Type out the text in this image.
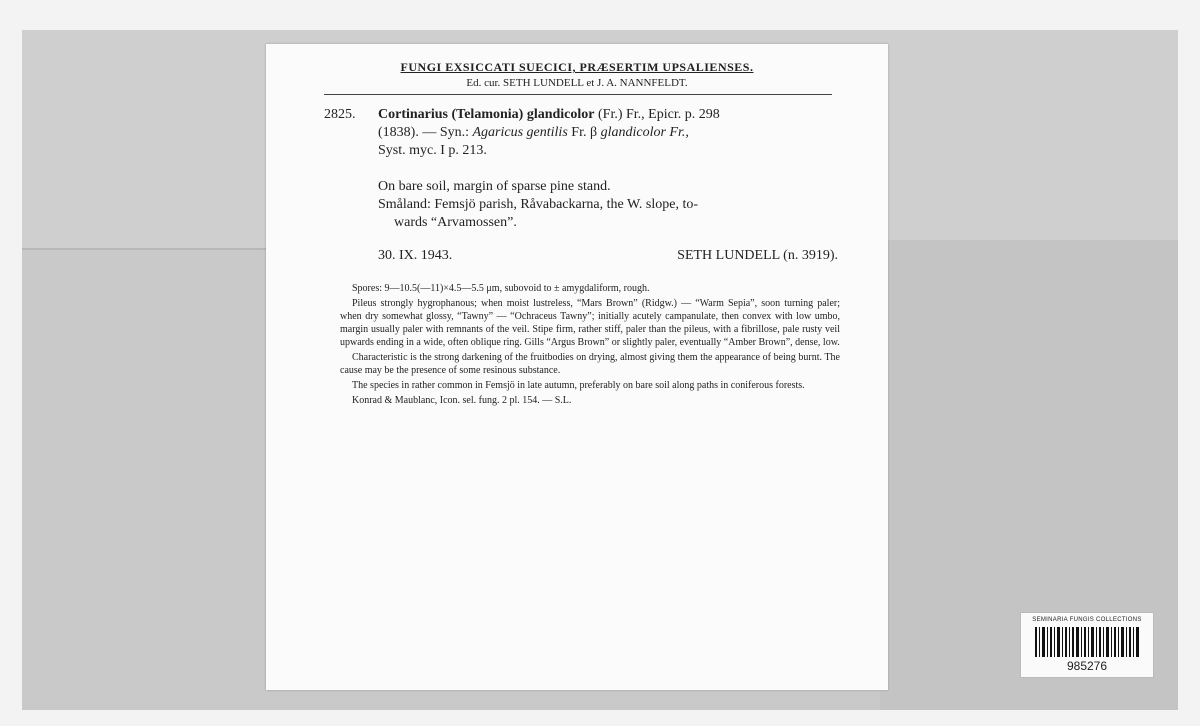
FUNGI EXSICCATI SUECICI, PRÆSERTIM UPSALIENSES.
Ed. cur. SETH LUNDELL et J. A. NANNFELDT.
2825. Cortinarius (Telamonia) glandicolor (Fr.) Fr., Epicr. p. 298
(1838). — Syn.: Agaricus gentilis Fr. β glandicolor Fr.,
Syst. myc. I p. 213.
On bare soil, margin of sparse pine stand.
Småland: Femsjö parish, Råvabackarna, the W. slope, to-
wards “Arvamossen”.
30. IX. 1943.	SETH LUNDELL (n. 3919).

Spores: 9—10.5(—11)×4.5—5.5 μm, subovoid to ± amygdaliform, rough.

Pileus strongly hygrophanous; when moist lustreless, “Mars Brown” (Ridgw.) — “Warm Sepia”, soon turning paler; when dry somewhat glossy, “Tawny” — “Ochraceus Tawny”; initially acutely campanulate, then convex with low umbo, margin usually paler with remnants of the veil. Stipe firm, rather stiff, paler than the pileus, with a fibrillose, pale rusty veil upwards ending in a wide, often oblique ring. Gills “Argus Brown” or slightly paler, eventually “Amber Brown”, dense, low.

Characteristic is the strong darkening of the fruitbodies on drying, almost giving them the appearance of being burnt. The cause may be the presence of some resinous substance.

The species in rather common in Femsjö in late autumn, preferably on bare soil along paths in coniferous forests.

Konrad & Maublanc, Icon. sel. fung. 2 pl. 154. — S.L.

SEMINARIA FUNGIS COLLECTIONS
985276
